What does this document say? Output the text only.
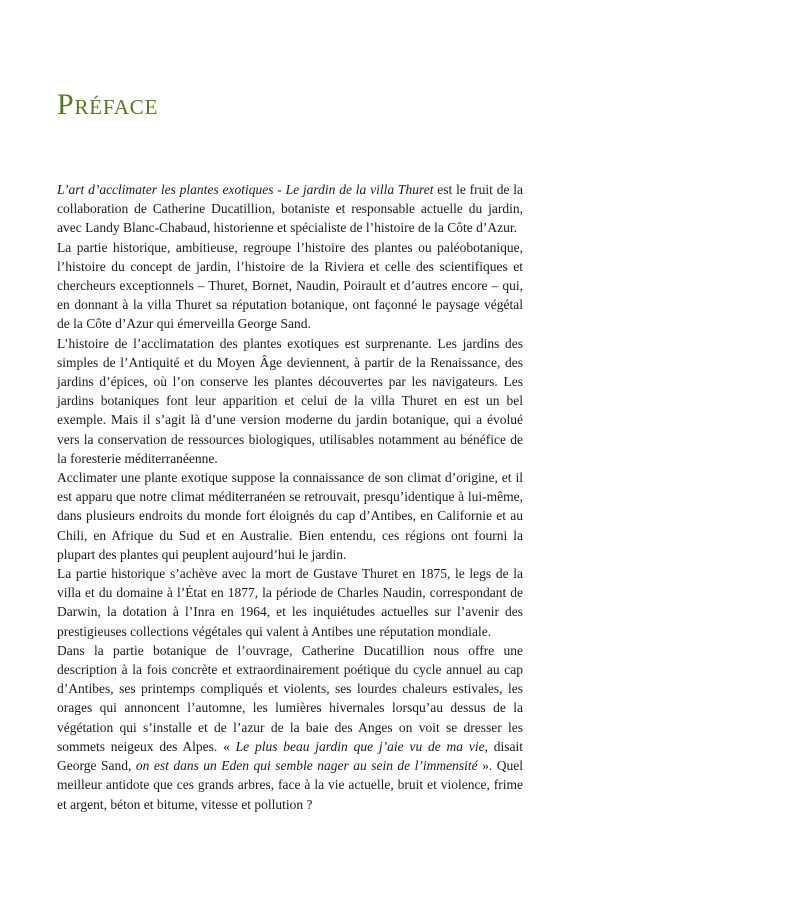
Préface

L’art d’acclimater les plantes exotiques - Le jardin de la villa Thuret est le fruit de la collaboration de Catherine Ducatillion, botaniste et responsable actuelle du jardin, avec Landy Blanc-Chabaud, historienne et spécialiste de l’histoire de la Côte d’Azur.

La partie historique, ambitieuse, regroupe l’histoire des plantes ou paléobotanique, l’histoire du concept de jardin, l’histoire de la Riviera et celle des scientifiques et chercheurs exceptionnels – Thuret, Bornet, Naudin, Poirault et d’autres encore – qui, en donnant à la villa Thuret sa réputation botanique, ont façonné le paysage végétal de la Côte d’Azur qui émerveilla George Sand.

L’histoire de l’acclimatation des plantes exotiques est surprenante. Les jardins des simples de l’Antiquité et du Moyen Âge deviennent, à partir de la Renaissance, des jardins d’épices, où l’on conserve les plantes découvertes par les navigateurs. Les jardins botaniques font leur apparition et celui de la villa Thuret en est un bel exemple. Mais il s’agit là d’une version moderne du jardin botanique, qui a évolué vers la conservation de ressources biologiques, utilisables notamment au bénéfice de la foresterie méditerranéenne.

Acclimater une plante exotique suppose la connaissance de son climat d’origine, et il est apparu que notre climat méditerranéen se retrouvait, presqu’identique à lui-même, dans plusieurs endroits du monde fort éloignés du cap d’Antibes, en Californie et au Chili, en Afrique du Sud et en Australie. Bien entendu, ces régions ont fourni la plupart des plantes qui peuplent aujourd’hui le jardin.

La partie historique s’achève avec la mort de Gustave Thuret en 1875, le legs de la villa et du domaine à l’État en 1877, la période de Charles Naudin, correspondant de Darwin, la dotation à l’Inra en 1964, et les inquiétudes actuelles sur l’avenir des prestigieuses collections végétales qui valent à Antibes une réputation mondiale.

Dans la partie botanique de l’ouvrage, Catherine Ducatillion nous offre une description à la fois concrète et extraordinairement poétique du cycle annuel au cap d’Antibes, ses printemps compliqués et violents, ses lourdes chaleurs estivales, les orages qui annoncent l’automne, les lumières hivernales lorsqu’au dessus de la végétation qui s’installe et de l’azur de la baie des Anges on voit se dresser les sommets neigeux des Alpes. « Le plus beau jardin que j’aie vu de ma vie, disait George Sand, on est dans un Eden qui semble nager au sein de l’immensité ». Quel meilleur antidote que ces grands arbres, face à la vie actuelle, bruit et violence, frime et argent, béton et bitume, vitesse et pollution ?
